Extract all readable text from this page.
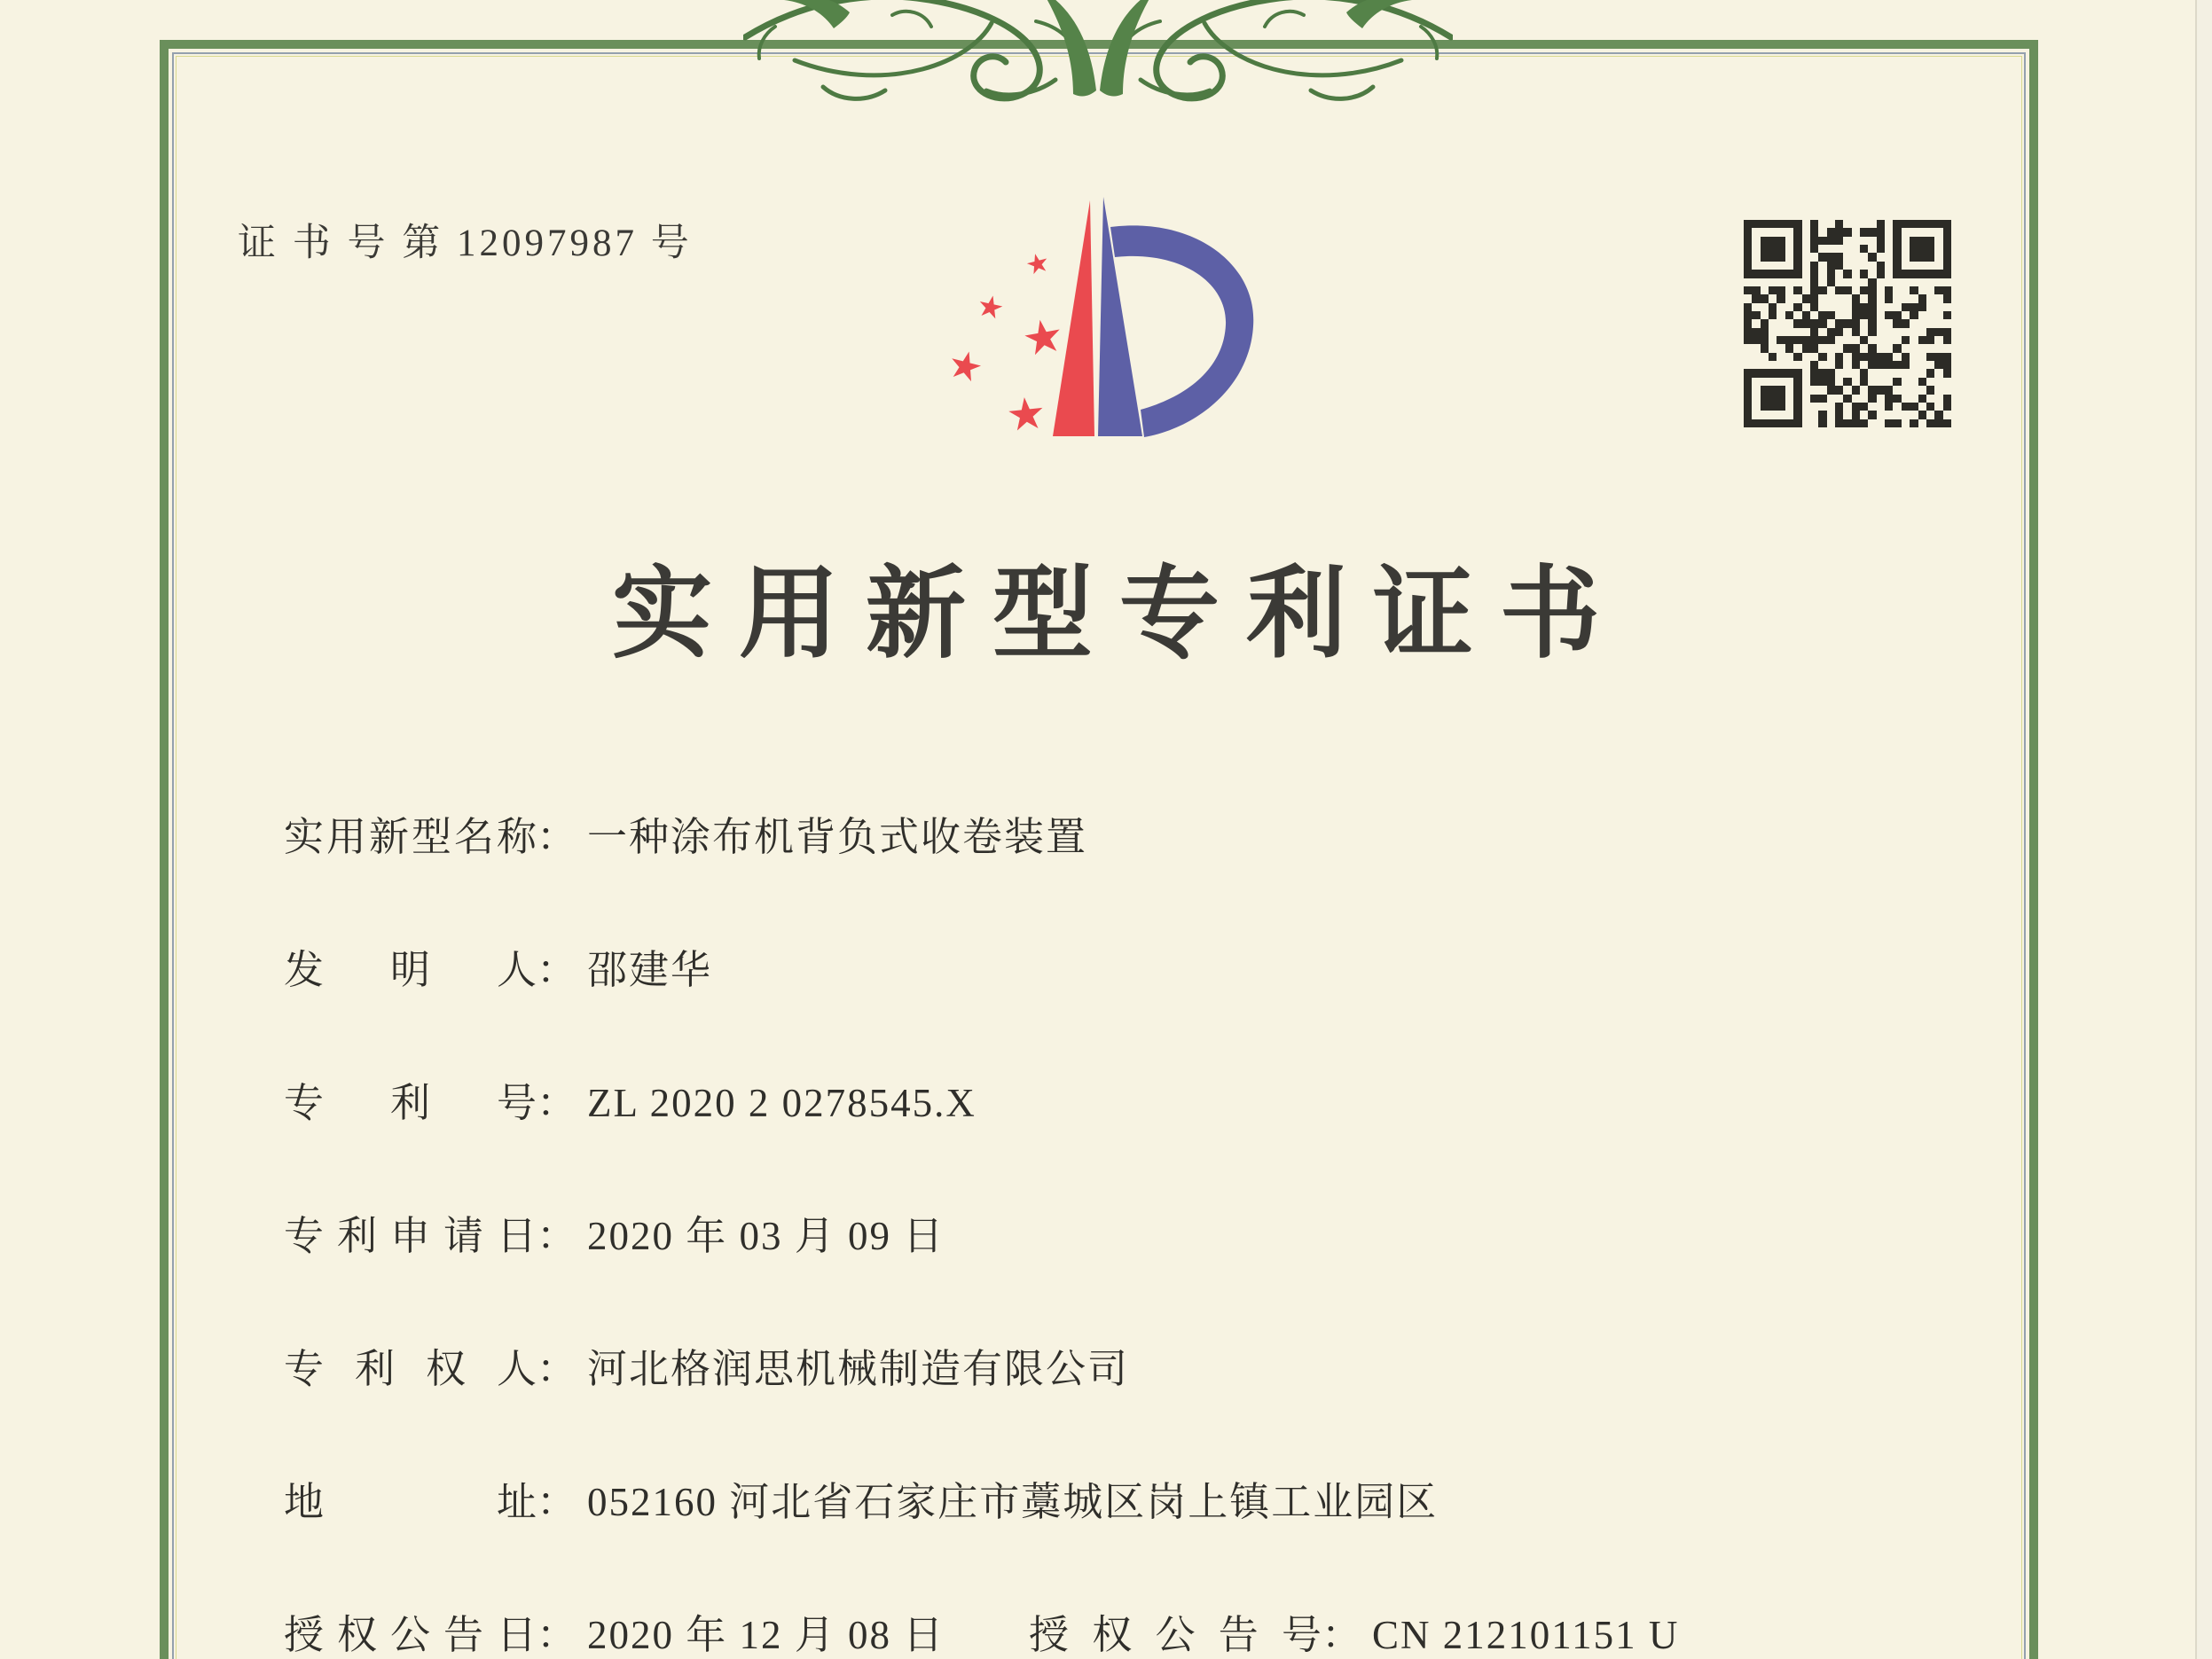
证 书 号 第 12097987 号
★
★
★
★
★
实用新型专利证书
实用新型名称： 一种涂布机背负式收卷装置
发明人： 邵建华
专利号： ZL 2020 2 0278545.X
专利申请日： 2020 年 03 月 09 日
专利权人： 河北格润思机械制造有限公司
地址： 052160 河北省石家庄市藁城区岗上镇工业园区
授权公告日： 2020 年 12 月 08 日 授权公告号： CN 212101151 U
